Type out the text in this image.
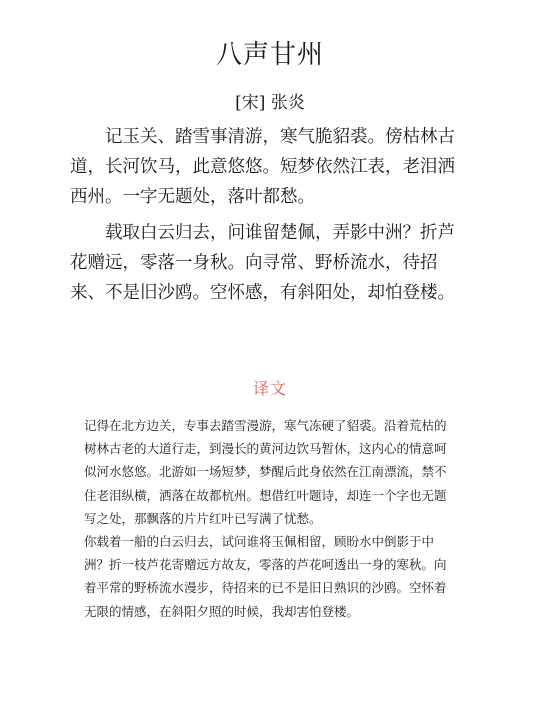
八声甘州
[宋] 张炎

记玉关、踏雪事清游，寒气脆貂裘。傍枯林古道，长河饮马，此意悠悠。短梦依然江表，老泪洒西州。一字无题处，落叶都愁。

载取白云归去，问谁留楚佩，弄影中洲？折芦花赠远，零落一身秋。向寻常、野桥流水，待招来、不是旧沙鸥。空怀感，有斜阳处，却怕登楼。

译文

记得在北方边关，专事去踏雪漫游，寒气冻硬了貂裘。沿着荒枯的树林古老的大道行走，到漫长的黄河边饮马暂休，这内心的情意呵似河水悠悠。北游如一场短梦，梦醒后此身依然在江南漂流，禁不住老泪纵横，洒落在故都杭州。想借红叶题诗，却连一个字也无题写之处，那飘落的片片红叶已写满了忧愁。

你载着一船的白云归去，试问谁将玉佩相留，顾盼水中倒影于中洲？折一枝芦花寄赠远方故友，零落的芦花呵透出一身的寒秋。向着平常的野桥流水漫步，待招来的已不是旧日熟识的沙鸥。空怀着无限的情感，在斜阳夕照的时候，我却害怕登楼。
